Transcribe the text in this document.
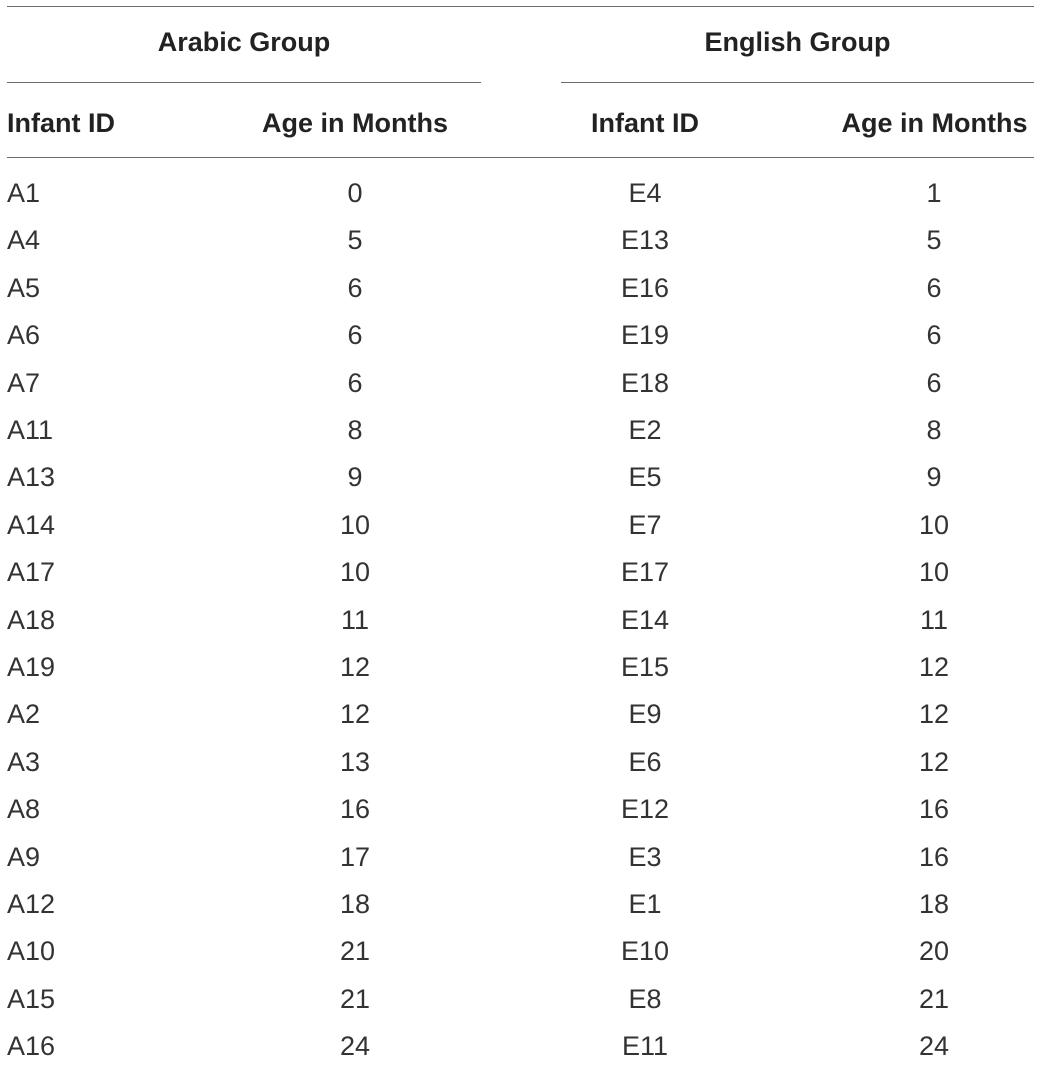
Arabic Group	English Group
Infant ID	Age in Months	Infant ID	Age in Months
A1	0	E4	1
A4	5	E13	5
A5	6	E16	6
A6	6	E19	6
A7	6	E18	6
A11	8	E2	8
A13	9	E5	9
A14	10	E7	10
A17	10	E17	10
A18	11	E14	11
A19	12	E15	12
A2	12	E9	12
A3	13	E6	12
A8	16	E12	16
A9	17	E3	16
A12	18	E1	18
A10	21	E10	20
A15	21	E8	21
A16	24	E11	24
